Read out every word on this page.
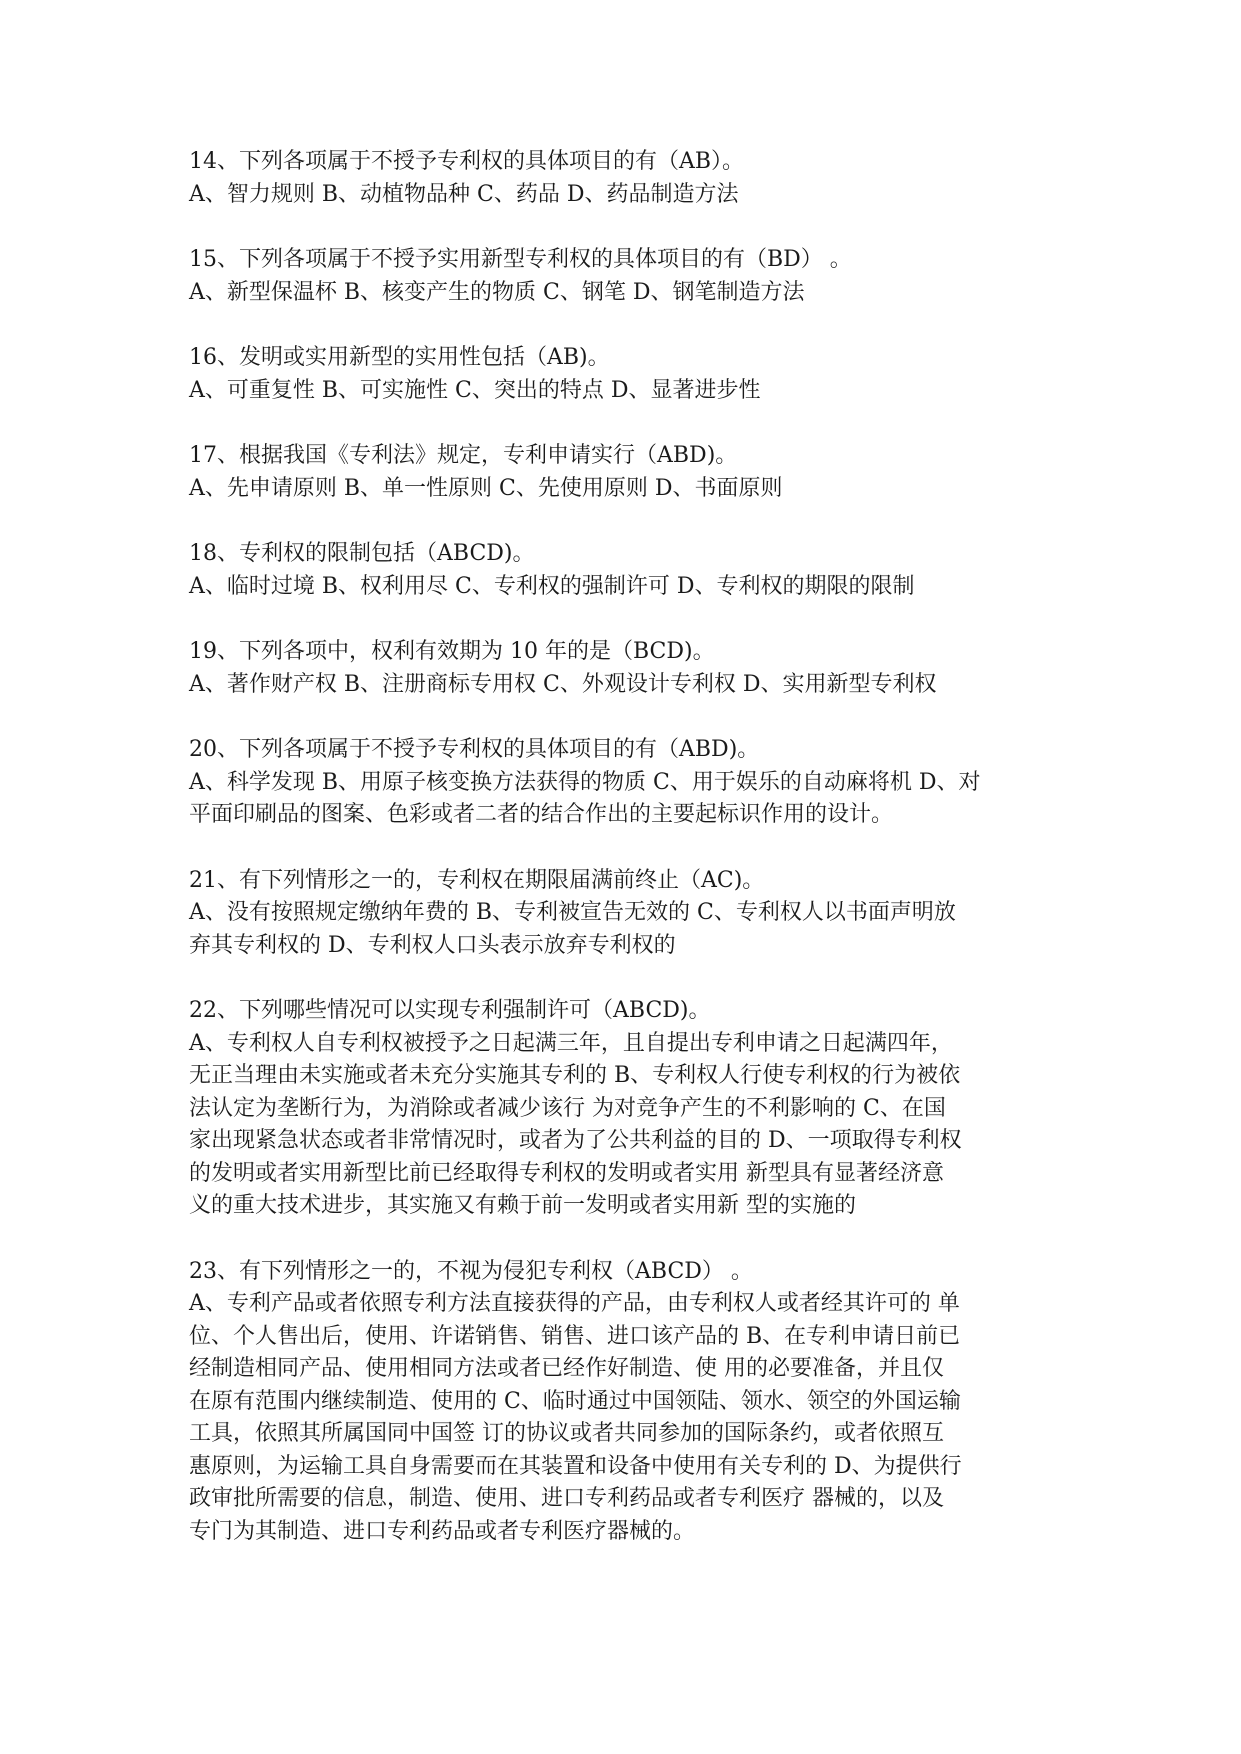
14、下列各项属于不授予专利权的具体项目的有（AB）。
A、智力规则 B、动植物品种 C、药品 D、药品制造方法
15、下列各项属于不授予实用新型专利权的具体项目的有（BD） 。
A、新型保温杯 B、核变产生的物质 C、钢笔 D、钢笔制造方法
16、发明或实用新型的实用性包括（AB)。
A、可重复性 B、可实施性 C、突出的特点 D、显著进步性
17、根据我国《专利法》规定，专利申请实行（ABD)。
A、先申请原则 B、单一性原则 C、先使用原则 D、书面原则
18、专利权的限制包括（ABCD)。
A、临时过境 B、权利用尽 C、专利权的强制许可 D、专利权的期限的限制
19、下列各项中，权利有效期为 10 年的是（BCD)。
A、著作财产权 B、注册商标专用权 C、外观设计专利权 D、实用新型专利权
20、下列各项属于不授予专利权的具体项目的有（ABD)。
A、科学发现 B、用原子核变换方法获得的物质 C、用于娱乐的自动麻将机 D、对
平面印刷品的图案、色彩或者二者的结合作出的主要起标识作用的设计。
21、有下列情形之一的，专利权在期限届满前终止（AC)。
A、没有按照规定缴纳年费的 B、专利被宣告无效的 C、专利权人以书面声明放
弃其专利权的 D、专利权人口头表示放弃专利权的
22、下列哪些情况可以实现专利强制许可（ABCD)。
A、专利权人自专利权被授予之日起满三年，且自提出专利申请之日起满四年，
无正当理由未实施或者未充分实施其专利的 B、专利权人行使专利权的行为被依
法认定为垄断行为，为消除或者减少该行 为对竞争产生的不利影响的 C、在国
家出现紧急状态或者非常情况时，或者为了公共利益的目的 D、一项取得专利权
的发明或者实用新型比前已经取得专利权的发明或者实用 新型具有显著经济意
义的重大技术进步，其实施又有赖于前一发明或者实用新 型的实施的
23、有下列情形之一的，不视为侵犯专利权（ABCD） 。
A、专利产品或者依照专利方法直接获得的产品，由专利权人或者经其许可的 单
位、个人售出后，使用、许诺销售、销售、进口该产品的 B、在专利申请日前已
经制造相同产品、使用相同方法或者已经作好制造、使 用的必要准备，并且仅
在原有范围内继续制造、使用的 C、临时通过中国领陆、领水、领空的外国运输
工具，依照其所属国同中国签 订的协议或者共同参加的国际条约，或者依照互
惠原则，为运输工具自身需要而在其装置和设备中使用有关专利的 D、为提供行
政审批所需要的信息，制造、使用、进口专利药品或者专利医疗 器械的，以及
专门为其制造、进口专利药品或者专利医疗器械的。
